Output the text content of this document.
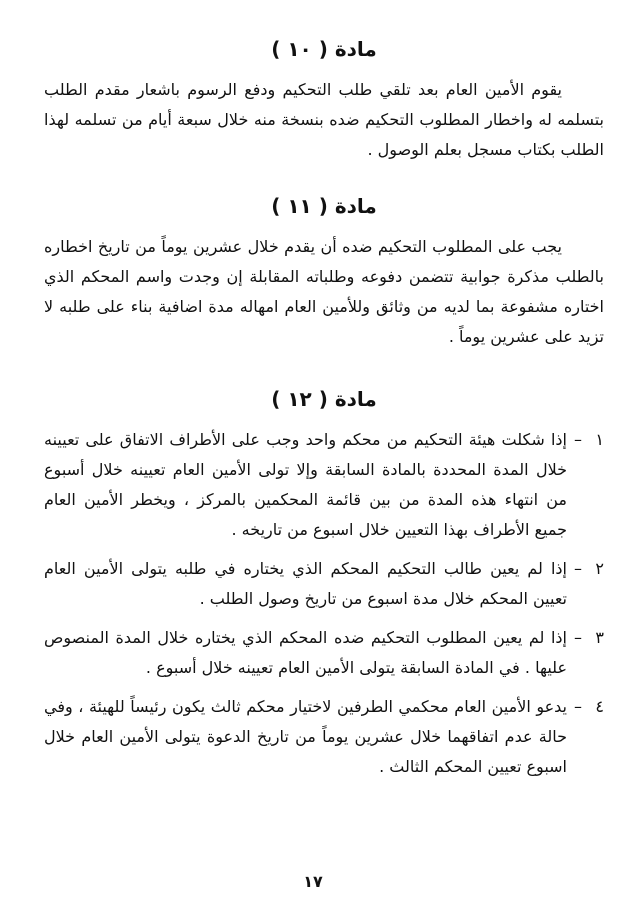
مادة ( ١٠ )

يقوم الأمين العام بعد تلقي طلب التحكيم ودفع الرسوم باشعار مقدم الطلب بتسلمه له واخطار المطلوب التحكيم ضده بنسخة منه خلال سبعة أيام من تسلمه لهذا الطلب بكتاب مسجل بعلم الوصول .

مادة ( ١١ )

يجب على المطلوب التحكيم ضده أن يقدم خلال عشرين يوماً من تاريخ اخطاره بالطلب مذكرة جوابية تتضمن دفوعه وطلباته المقابلة إن وجدت واسم المحكم الذي اختاره مشفوعة بما لديه من وثائق وللأمين العام امهاله مدة اضافية بناء على طلبه لا تزيد على عشرين يوماً .

مادة ( ١٢ )
١
–
إذا شكلت هيئة التحكيم من محكم واحد وجب على الأطراف الاتفاق على تعيينه خلال المدة المحددة بالمادة السابقة وإلا تولى الأمين العام تعيينه خلال أسبوع من انتهاء هذه المدة من بين قائمة المحكمين بالمركز ، ويخطر الأمين العام جميع الأطراف بهذا التعيين خلال اسبوع من تاريخه .
٢
–
إذا لم يعين طالب التحكيم المحكم الذي يختاره في طلبه يتولى الأمين العام تعيين المحكم خلال مدة اسبوع من تاريخ وصول الطلب .
٣
–
إذا لم يعين المطلوب التحكيم ضده المحكم الذي يختاره خلال المدة المنصوص عليها . في المادة السابقة يتولى الأمين العام تعيينه خلال أسبوع .
٤
–
يدعو الأمين العام محكمي الطرفين لاختيار محكم ثالث يكون رئيساً للهيئة ، وفي حالة عدم اتفاقهما خلال عشرين يوماً من تاريخ الدعوة يتولى الأمين العام خلال اسبوع تعيين المحكم الثالث .
١٧
